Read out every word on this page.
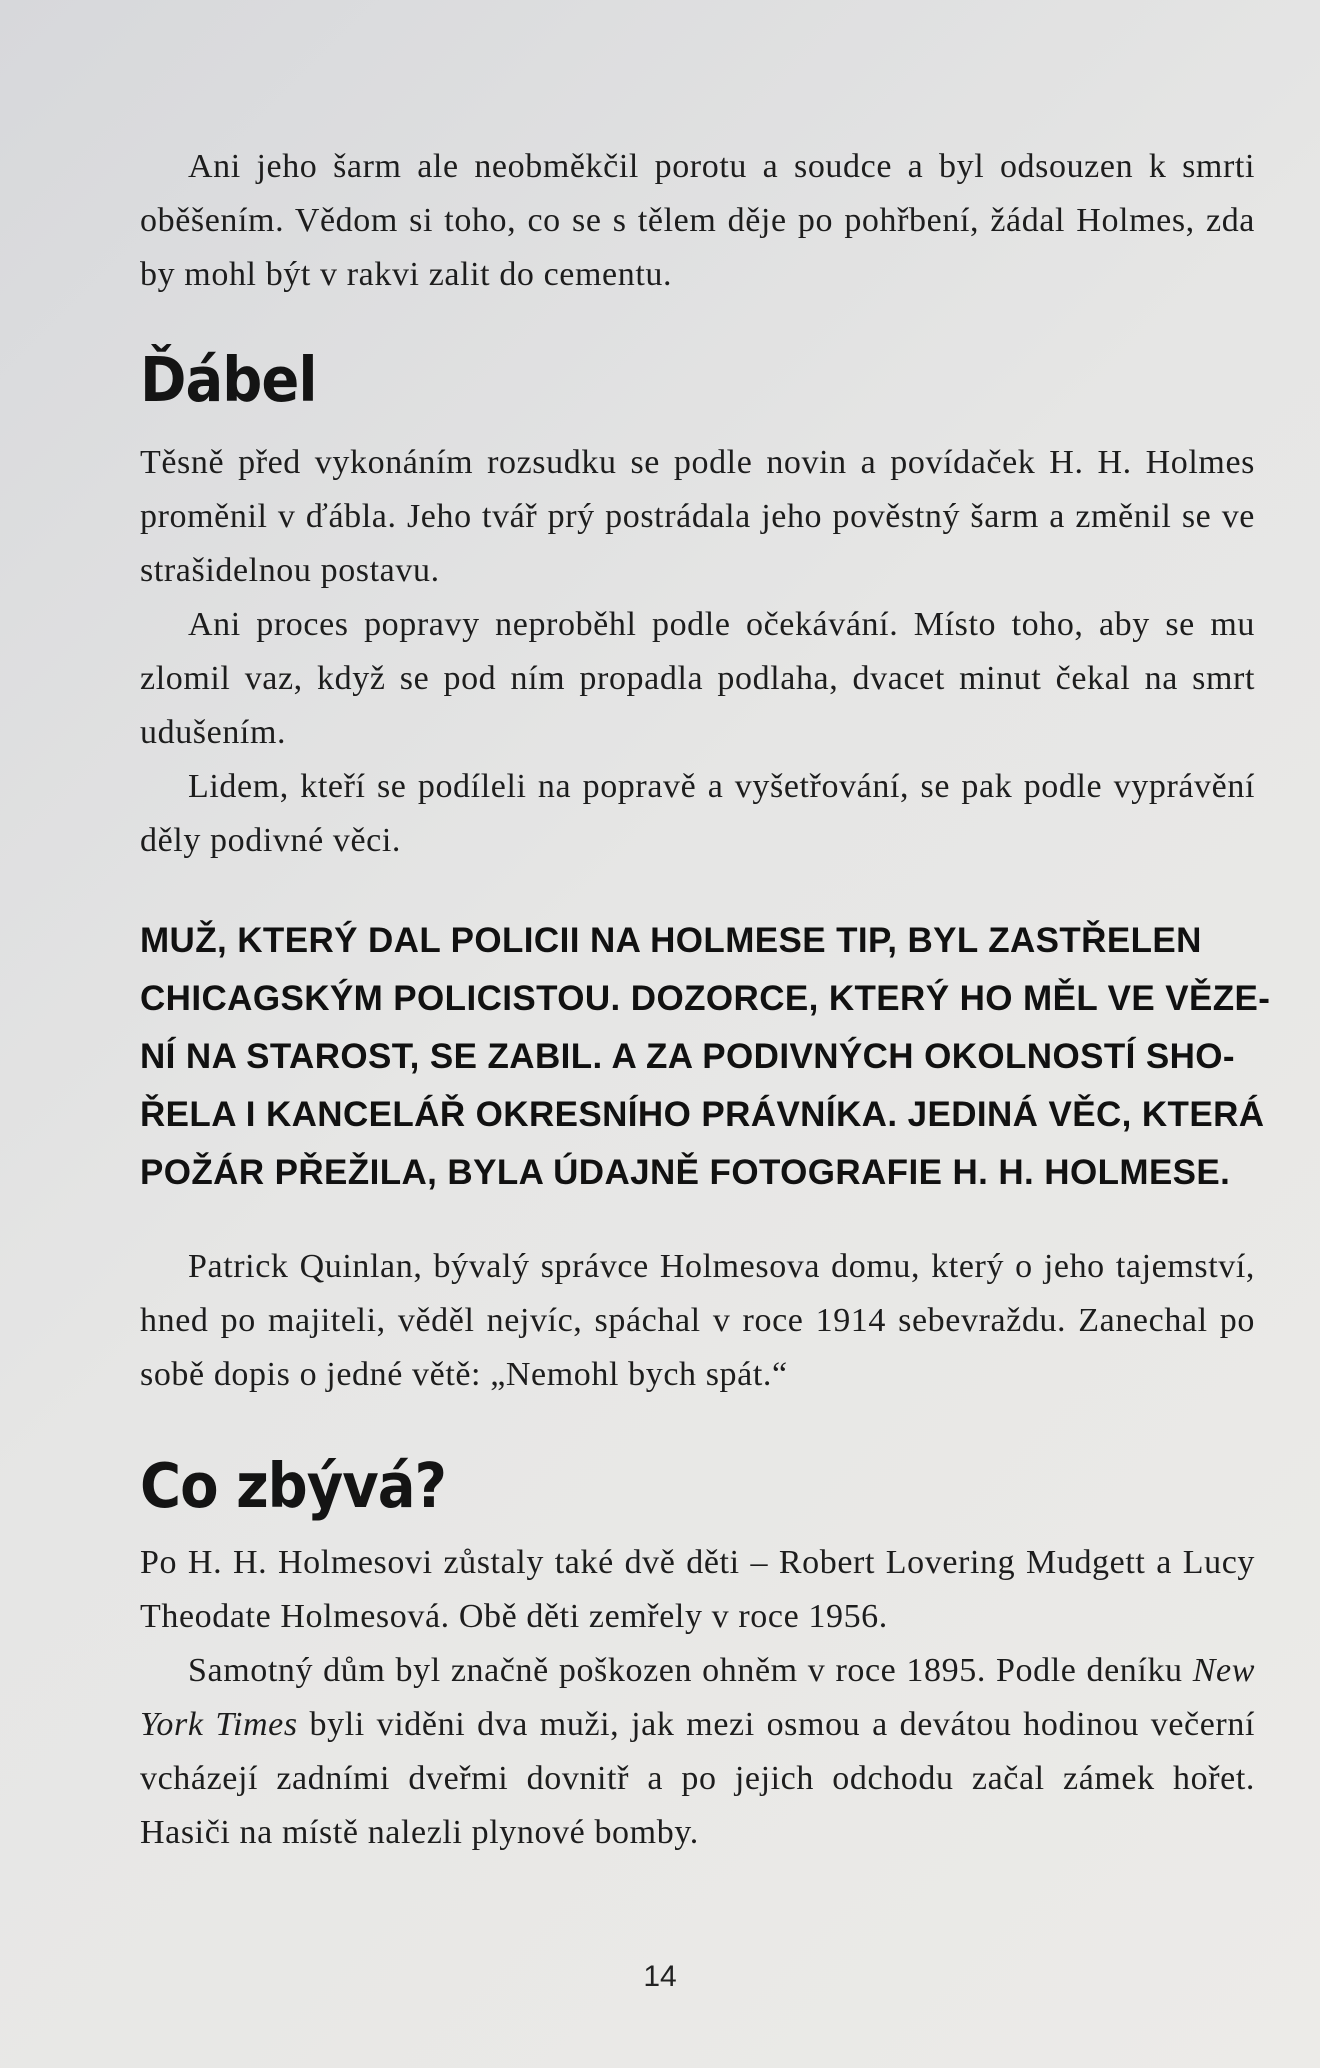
Ani jeho šarm ale neobměkčil porotu a soudce a byl odsouzen k smrti oběšením. Vědom si toho, co se s tělem děje po pohřbení, žádal Holmes, zda by mohl být v rakvi zalit do cementu.

Ďábel

Těsně před vykonáním rozsudku se podle novin a povídaček H. H. Holmes proměnil v ďábla. Jeho tvář prý postrádala jeho pověstný šarm a změnil se ve strašidelnou postavu.

Ani proces popravy neproběhl podle očekávání. Místo toho, aby se mu zlomil vaz, když se pod ním propadla podlaha, dvacet minut čekal na smrt udušením.

Lidem, kteří se podíleli na popravě a vyšetřování, se pak podle vyprávění děly podivné věci.

MUŽ, KTERÝ DAL POLICII NA HOLMESE TIP, BYL ZASTŘELEN
CHICAGSKÝM POLICISTOU. DOZORCE, KTERÝ HO MĚL VE VĚZE-
NÍ NA STAROST, SE ZABIL. A ZA PODIVNÝCH OKOLNOSTÍ SHO-
ŘELA I KANCELÁŘ OKRESNÍHO PRÁVNÍKA. JEDINÁ VĚC, KTERÁ
POŽÁR PŘEŽILA, BYLA ÚDAJNĚ FOTOGRAFIE H. H. HOLMESE.

Patrick Quinlan, bývalý správce Holmesova domu, který o jeho tajemství, hned po majiteli, věděl nejvíc, spáchal v roce 1914 sebevraždu. Zanechal po sobě dopis o jedné větě: „Nemohl bych spát.“

Co zbývá?

Po H. H. Holmesovi zůstaly také dvě děti – Robert Lovering Mudgett a Lucy Theodate Holmesová. Obě děti zemřely v roce 1956.

Samotný dům byl značně poškozen ohněm v roce 1895. Podle deníku New York Times byli viděni dva muži, jak mezi osmou a devátou hodinou večerní vcházejí zadními dveřmi dovnitř a po jejich odchodu začal zámek hořet. Hasiči na místě nalezli plynové bomby.

14
